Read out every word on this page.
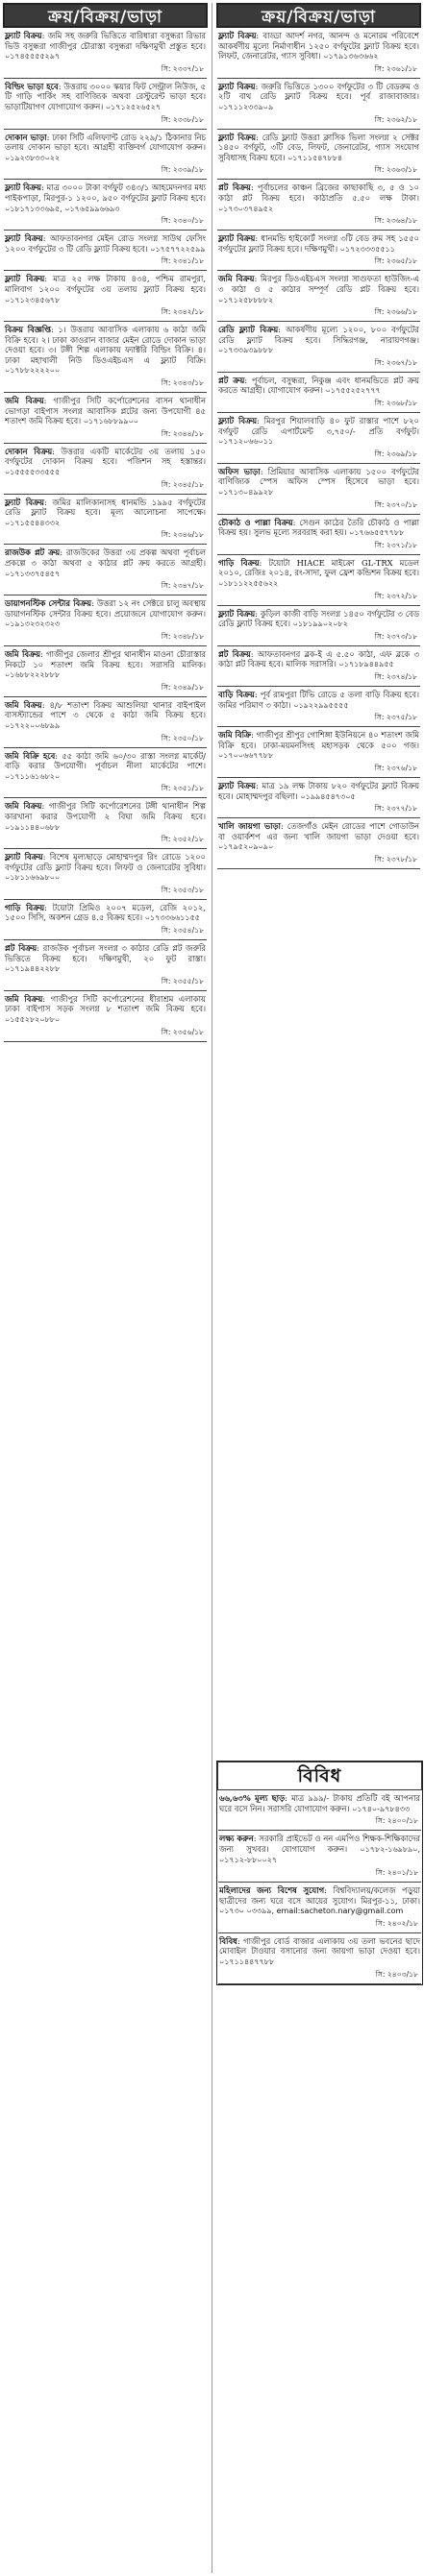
ক্রয়/বিক্রয়/ভাড়া
ফ্ল্যাট বিক্রয়: জমি সহ জরুরি ভিত্তিতে বারিধারা বসুন্ধরা রিভার ভিউ বসুন্ধরা গাজীপুর চৌরাস্তা বসুন্ধরা দক্ষিণমুখী প্রস্তুত হবে। ০১৭৪৫৫৫৫২৯৭
সি: ২৩৩৭/১৮
বিল্ডিং ভাড়া হবে: উত্তরায় ৩০০০ স্কয়ার ফিট সেন্ট্রাল নিউজ, ৫ টি গাড়ি পার্কিং সহ বাণিজ্যিক অথবা রেস্টুরেন্ট ভাড়া হবে। ভাড়াটিয়াগণ যোগাযোগ করুন। ০১৭১২৫২৬৫২৭
সি: ২৩৩৮/১৮
দোকান ভাড়া: ঢাকা সিটি এলিফ্যান্ট রোড ২২৯/১ ঠিকানার নিচ তলায় দোকান ভাড়া হবে। আগ্রহী ব্যক্তিবর্গ যোগাযোগ করুন। ০১৯২৩৮৩৩০২২
সি: ২৩৩৯/১৮
ফ্ল্যাট বিক্রয়: মাত্র ৩০০০ টাকা বর্গফুট ৩৪৩/১ আহমেদনগর মধ্য পাইকপাড়া, মিরপুর-১ ১২০০, ৯৫০ বর্গফুটের ফ্ল্যাট বিক্রয় হবে। ০১৮১৭১৩৩৬৯৫, ০১৭৬৫৯৯৬৬৯৩
সি: ২৩৪০/১৮
ফ্ল্যাট বিক্রয়: আফতাবনগর মেইন রোড সংলগ্ন সাউথ ফেসিং ১২০০ বর্গফুটের ৩ টি রেডি ফ্ল্যাট বিক্রয় হবে। ০১৭৫৭৭২২৫৯৯
সি: ২৩৪১/১৮
ফ্ল্যাট বিক্রয়: মাত্র ২৫ লক্ষ টাকায় ৪৩৪, পশ্চিম রামপুরা, মালিবাগ ১২০০ বর্গফুটের ৩য় তলায় ফ্ল্যাট বিক্রয় হবে। ০১৭১২৩৪৫৬৭৮
সি: ২৩৪২/১৮
বিক্রয় বিজ্ঞপ্তি: ১। উত্তরায় আবাসিক এলাকায় ৬ কাঠা জমি বিক্রি হবে। ২। ঢাকা কাওরান বাজার মেইন রোডে দোকান ভাড়া দেওয়া হবে। ৩। টঙ্গী শিল্প এলাকায় ফ্যাক্টরি বিল্ডিং বিক্রি। ৪। ঢাকা মহাখালী নিউ ডিওএইচএস এ ফ্ল্যাট বিক্রি। ০১৭৮৮২২২২০০
সি: ২৩৪৩/১৮
জমি বিক্রয়: গাজীপুর সিটি কর্পোরেশনের বাসন থানাধীন ভোগড়া বাইপাস সংলগ্ন আবাসিক প্লটের জন্য উপযোগী ৪৫ শতাংশ জমি বিক্রয় হবে। ০১৭১৬৮৮৯৯০০
সি: ২৩৪৪/১৮
দোকান বিক্রয়: উত্তরার একটি মার্কেটের ৩য় তলায় ১৫০ বর্গফুটের দোকান বিক্রয় হবে। পজিশন সহ হস্তান্তর। ০১৫৫৫৫৩৩৫৫৫
সি: ২৩৪৫/১৮
ফ্ল্যাট বিক্রয়: জমির মালিকানাসহ ধানমন্ডি ১৯৯৫ বর্গফুটের রেডি ফ্ল্যাট বিক্রয় হবে। মূল্য আলোচনা সাপেক্ষে। ০১৭১৫৫৪৪৩৩২
সি: ২৩৪৬/১৮
রাজউক প্লট ক্রয়: রাজউকের উত্তরা ৩য় প্রকল্প অথবা পূর্বাচল প্রকল্পে ৩ কাঠা অথবা ৫ কাঠার প্লট ক্রয় করতে আগ্রহী। ০১৭১৩৩৭৫৪৫৭
সি: ২৩৪৭/১৮
ডায়াগনস্টিক সেন্টার বিক্রয়: উত্তরা ১২ নং সেক্টরে চালু অবস্থায় ডায়াগনস্টিক সেন্টার বিক্রয় হবে। প্রয়োজনে যোগাযোগ করুন। ০১৯১৩২৩২৩২৩
সি: ২৩৪৮/১৮
জমি বিক্রয়: গাজীপুর জেলার শ্রীপুর থানাধীন মাওনা চৌরাস্তার নিকটে ১০ শতাংশ জমি বিক্রয় হবে। সরাসরি মালিক। ০১৬৮৮২২২৮৮৮
সি: ২৩৪৯/১৮
জমি বিক্রয়: ৪/৮ শতাংশ বিক্রয় আশুলিয়া থানার বাইপাইল বাসস্ট্যান্ডের পাশে ৩ থেকে ৫ কাঠা জমি বিক্রয় হবে। ০১৭২২০০৬৮৯৯
সি: ২৩৫০/১৮
জমি বিক্রি হবে: ৫৫ কাঠা জমি ৬০/৩০ রাস্তা সংলগ্ন মার্কেট/বাড়ি করার উপযোগী। পূর্বাচল নীলা মার্কেটের পাশে। ০১৭১১৬১৬৮২০
সি: ২৩৫১/১৮
জমি বিক্রয়: গাজীপুর সিটি কর্পোরেশনের টঙ্গী থানাধীন শিল্প কারখানা করার উপযোগী ২ বিঘা জমি বিক্রয় হবে। ০১৯১১৪৪০৬৮৮
সি: ২৩৫২/১৮
ফ্ল্যাট বিক্রয়: বিশেষ মূল্যছাড়ে মোহাম্মদপুর রিং রোডে ১২০০ বর্গফুটের রেডি ফ্ল্যাট বিক্রয় হবে। লিফট ও জেনারেটর সুবিধা। ০১৮১১৬৬৯৮০০
সি: ২৩৫৩/১৮
গাড়ি বিক্রয়: টয়োটা প্রিমিও ২০০৭ মডেল, রেজি ২০১২, ১৫০০ সিসি, অকশন গ্রেড ৪.৫ বিক্রয় হবে। ০১৭৩৩৬৬১১৫৫
সি: ২৩৫৪/১৮
প্লট বিক্রয়: রাজউক পূর্বাচল সংলগ্ন ৩ কাঠার রেডি প্লট জরুরি ভিত্তিতে বিক্রয় হবে। দক্ষিণমুখী, ২০ ফুট রাস্তা। ০১৭১৯৪৪২২৮৮
সি: ২৩৫৫/১৮
জমি বিক্রয়: গাজীপুর সিটি কর্পোরেশনের ধীরাশ্রম এলাকায় ঢাকা বাইপাস সড়ক সংলগ্ন ৮ শতাংশ জমি বিক্রয় হবে। ০১৫৫২৮২০৮৮০
সি: ২৩৫৬/১৮
ক্রয়/বিক্রয়/ভাড়া
ফ্ল্যাট বিক্রয়: বাড্ডা আদর্শ নগর, আনন্দ ও মনোরম পরিবেশে আকর্ষণীয় মূল্যে নির্মাণাধীন ১২৫০ বর্গফুটের ফ্ল্যাট বিক্রয় হবে। লিফট, জেনারেটর, গ্যাস সুবিধা। ০১৭৯১৩৬৩৬৬২
সি: ২৩৬১/১৮
ফ্ল্যাট বিক্রয়: জরুরি ভিত্তিতে ১৩০০ বর্গফুটের ৩ টি বেডরুম ও ২টি বাথ রেডি ফ্ল্যাট বিক্রয় হবে। পূর্ব রাজাবাজার। ০১৭১১২৩৩৯০৯
সি: ২৩৬২/১৮
ফ্ল্যাট বিক্রয়: রেডি ফ্ল্যাট উত্তরা ক্লাসিক ভিলা সংলগ্ন ২ সেক্টর ১৪৫০ বর্গফুট, ৩টি বেড, লিফট, জেনারেটর, গ্যাস সংযোগ সুবিধাসহ বিক্রয় হবে। ০১৭১১৫৪৭৮৮৪
সি: ২৩৬৩/১৮
প্লট বিক্রয়: পূর্বাচলের কাঞ্চন ব্রিজের কাছাকাছি ৩, ৫ ও ১০ কাঠা প্লট বিক্রয় হবে। কাঠাপ্রতি ৫.৫০ লক্ষ টাকা। ০১৭৩০৩৭৪৯৫২
সি: ২৩৬৪/১৮
ফ্ল্যাট বিক্রয়: ধানমন্ডি হাইকোর্ট সংলগ্ন ৩টি বেড রুম সহ ১৫৫০ বর্গফুটের ফ্ল্যাট বিক্রয় হবে। দক্ষিণমুখী। ০১৭২৩৩৩৫৫১১
সি: ২৩৬৫/১৮
জমি বিক্রয়: মিরপুর ডিওএইচএস সংলগ্ন সাগুফতা হাউজিং-এ ৩ কাঠা ও ৫ কাঠার সম্পূর্ণ রেডি প্লট বিক্রয় হবে। ০১৭১২৫৮৮৮৮২
সি: ২৩৬৬/১৮
রেডি ফ্ল্যাট বিক্রয়: আকর্ষণীয় মূল্যে ১২০০, ৮০০ বর্গফুটের রেডি ফ্ল্যাট বিক্রয় হবে। সিদ্ধিরগঞ্জ, নারায়ণগঞ্জ। ০১৭৩৩৯৩৯৮৮৮
সি: ২৩৬৭/১৮
প্লট ক্রয়: পূর্বাচল, বসুন্ধরা, নিকুঞ্জ এবং ধানমন্ডিতে প্লট ক্রয় করতে আগ্রহী। যোগাযোগ করুন। ০১৭৫৫২৫২৭৭৭
সি: ২৩৬৮/১৮
ফ্ল্যাট বিক্রয়: মিরপুর শিয়ালবাড়ি ৪০ ফুট রাস্তার পাশে ৮২০ বর্গফুট রেডি এপার্টমেন্ট ৩,৭৫০/- প্রতি বর্গফুট। ০১৭১২০৬৬০১১
সি: ২৩৬৯/১৮
অফিস ভাড়া: প্রিমিয়ার আবাসিক এলাকায় ১৫০০ বর্গফুটের বাণিজ্যিক স্পেস অফিস স্পেস হিসেবে ভাড়া হবে। ০১৭১৩০৪৯৯২৮
সি: ২৩৭০/১৮
চৌকাঠ ও পাল্লা বিক্রয়: সেগুন কাঠের তৈরি চৌকাঠ ও পাল্লা বিক্রয় হয়। সুলভ মূল্যে সরবরাহ করা হয়। ০১৭৬৬৫৫৭৭৮৮
সি: ২৩৭১/১৮
গাড়ি বিক্রয়: টয়োটা HIACE মাইক্রো GL-TRX মডেল ২০১০, রেজিঃ ২০১৪, রং-সাদা, ফুল ফ্রেশ কন্ডিশন বিক্রয় হবে। ০১৮১১২২৫৫৬২২
সি: ২৩৭২/১৮
ফ্ল্যাট বিক্রয়: কুড়িল কাজী বাড়ি সংলগ্ন ১৪৫০ বর্গফুটের ৩ বেড রেডি ফ্ল্যাট বিক্রয় হবে। ০১৮১৯৯০২০৮২
সি: ২৩৭৩/১৮
প্লট বিক্রয়: আফতাবনগর ব্লক-ই এ ৫.৫০ কাঠা, এফ ব্লকে ৩ কাঠা প্লট বিক্রয় হবে। মালিক সরাসরি। ০১৭১৮৯৪৪৯৫৫
সি: ২৩৭৪/১৮
বাড়ি বিক্রয়: পূর্ব রামপুরা টিভি রোডে ৫ তলা বাড়ি বিক্রয় হবে। জমির পরিমাণ ৩ কাঠা। ০১৯২২৯৯৫৫৫৫
সি: ২৩৭৫/১৮
জমি বিক্রি: গাজীপুর শ্রীপুর গোশিঙ্গা ইউনিয়নে ৪০ শতাংশ জমি বিক্রি হবে। ঢাকা-ময়মনসিংহ মহাসড়ক থেকে ৫০০ গজ। ০১৭০০৬৬৭৭৮৮
সি: ২৩৭৬/১৮
ফ্ল্যাট বিক্রয়: মাত্র ১৯ লক্ষ টাকায় ৮২০ বর্গফুটের ফ্ল্যাট বিক্রয় হবে। মোহাম্মদপুর বছিলা। ০১৯৯৪৫৪৭৩০৫
সি: ২৩৭৭/১৮
খালি জায়গা ভাড়া: তেজগাঁও মেইন রোডের পাশে গোডাউন বা ওয়ার্কশপ এর জন্য খালি জায়গা ভাড়া দেওয়া হবে। ০১৭৯৫২০৯০৯০
সি: ২৩৭৮/১৮
বিবিধ
৬৬,৬৩% মূল্য ছাড়: মাত্র ৯৯৯/- টাকায় প্রতিটি বই আপনার ঘরে বসে নিন। সরাসরি যোগাযোগ করুন। ০১৭৪০-৯৭৮৪৩৩
সি: ২৪০০/১৮
লক্ষ্য করুন: সরকারি প্রাইভেট ও নন এমপিও শিক্ষক-শিক্ষিকাদের জন্য সুখবর। যোগাযোগ করুন। ০১৭৮২-১৬৯৮৯০, ০১৭১২-৮৮০০২৭
সি: ২৪০১/১৮
মহিলাদের জন্য বিশেষ সুযোগ: বিশ্ববিদ্যালয়/কলেজ পড়ুয়া ছাত্রীদের জন্য ঘরে বসে আয়ের সুযোগ। মিরপুর-১১, ঢাকা। ০১৭৩০ ০৩৩৯৯, email:sacheton.nary@gmail.com
সি: ২৪০২/১৮
বিবিধ: গাজীপুর বোর্ড বাজার এলাকায় ৩য় তলা ভবনের ছাদে মোবাইল টাওয়ার বসানোর জন্য জায়গা ভাড়া দেওয়া হবে। ০১৭১১৪৪৭৭৮৮
সি: ২৪০৩/১৮
